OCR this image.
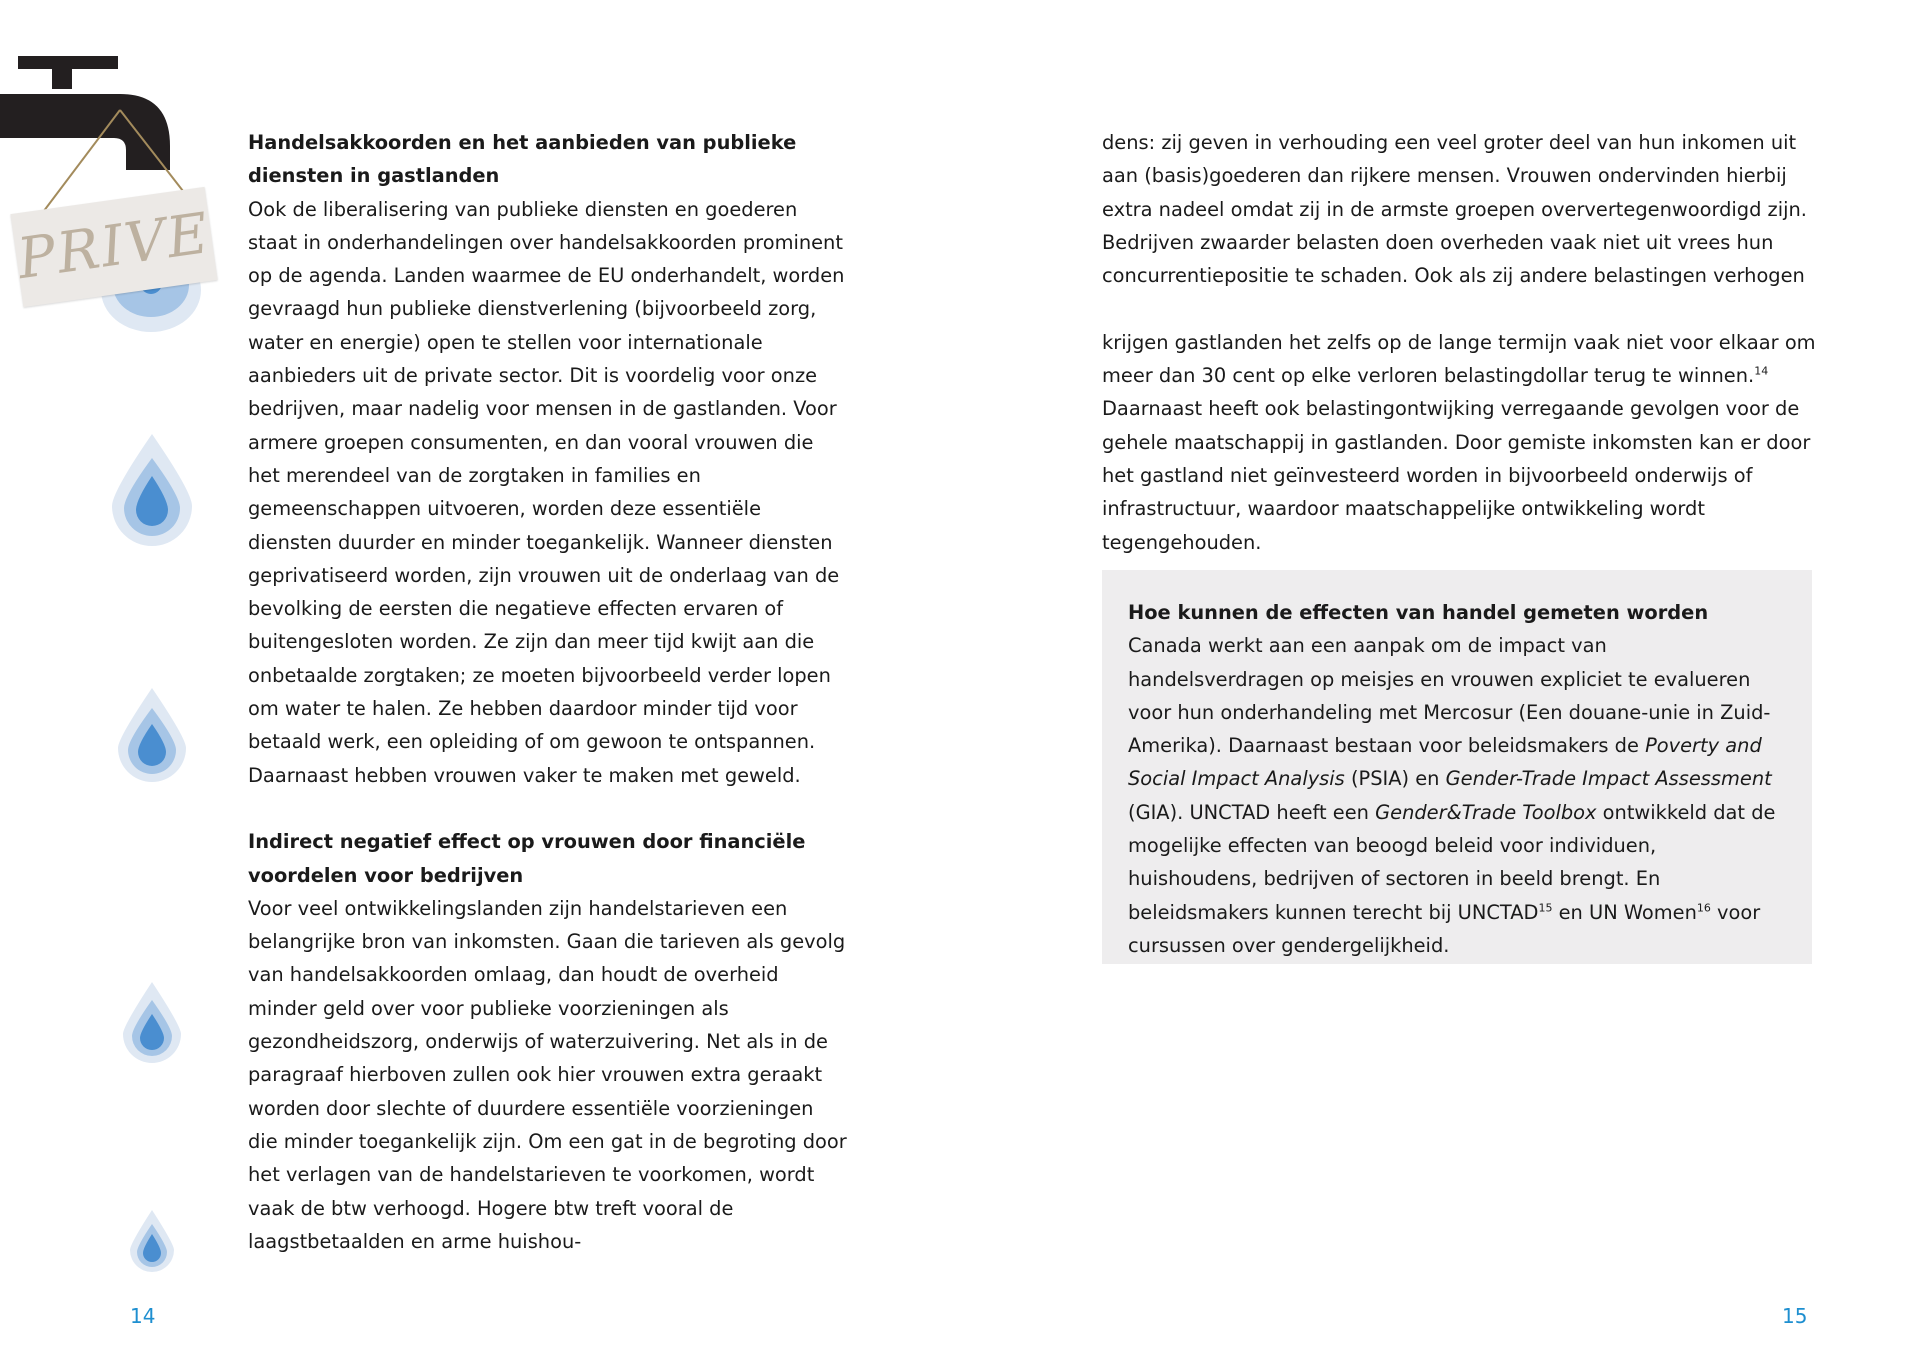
PRIVE
Handelsakkoorden en het aanbieden van publieke diensten in gastlanden

Ook de liberalisering van publieke diensten en goederen staat in onderhandelingen over handelsakkoorden prominent op de agenda. Landen waarmee de EU onderhandelt, worden gevraagd hun publieke dienstverlening (bijvoorbeeld zorg, water en energie) open te stellen voor internationale aanbieders uit de private sector. Dit is voordelig voor onze bedrijven, maar nadelig voor mensen in de gastlanden. Voor armere groepen consumenten, en dan vooral vrouwen die het merendeel van de zorgtaken in families en gemeenschappen uitvoeren, worden deze essentiële diensten duurder en minder toegankelijk. Wanneer diensten geprivatiseerd worden, zijn vrouwen uit de onderlaag van de bevolking de eersten die negatieve effecten ervaren of buitengesloten worden. Ze zijn dan meer tijd kwijt aan die onbetaalde zorgtaken; ze moeten bijvoorbeeld verder lopen om water te halen. Ze hebben daardoor minder tijd voor betaald werk, een opleiding of om gewoon te ontspannen. Daarnaast hebben vrouwen vaker te maken met geweld.

Indirect negatief effect op vrouwen door financiële voordelen voor bedrijven

Voor veel ontwikkelingslanden zijn handelstarieven een belangrijke bron van inkomsten. Gaan die tarieven als gevolg van handelsakkoorden omlaag, dan houdt de overheid minder geld over voor publieke voorzieningen als gezondheidszorg, onderwijs of waterzuivering. Net als in de paragraaf hierboven zullen ook hier vrouwen extra geraakt worden door slechte of duurdere essentiële voorzieningen die minder toegankelijk zijn. Om een gat in de begroting door het verlagen van de handelstarieven te voorkomen, wordt vaak de btw verhoogd. Hogere btw treft vooral de laagstbetaalden en arme huishou-

dens: zij geven in verhouding een veel groter deel van hun inkomen uit aan (basis)goederen dan rijkere mensen. Vrouwen ondervinden hierbij extra nadeel omdat zij in de armste groepen oververtegenwoordigd zijn. Bedrijven zwaarder belasten doen overheden vaak niet uit vrees hun concurrentiepositie te schaden. Ook als zij andere belastingen verhogen

krijgen gastlanden het zelfs op de lange termijn vaak niet voor elkaar om meer dan 30 cent op elke verloren belastingdollar terug te winnen.$^{14}$ Daarnaast heeft ook belastingontwijking verregaande gevolgen voor de gehele maatschappij in gastlanden. Door gemiste inkomsten kan er door het gastland niet geïnvesteerd worden in bijvoorbeeld onderwijs of infrastructuur, waardoor maatschappelijke ontwikkeling wordt tegengehouden.

Hoe kunnen de effecten van handel gemeten worden

Canada werkt aan een aanpak om de impact van handelsverdragen op meisjes en vrouwen expliciet te evalueren voor hun onderhandeling met Mercosur (Een douane-unie in Zuid-Amerika). Daarnaast bestaan voor beleidsmakers de Poverty and Social Impact Analysis (PSIA) en Gender-Trade Impact Assessment (GIA). UNCTAD heeft een Gender&Trade Toolbox ontwikkeld dat de mogelijke effecten van beoogd beleid voor individuen, huishoudens, bedrijven of sectoren in beeld brengt. En beleidsmakers kunnen terecht bij UNCTAD$^{15}$ en UN Women$^{16}$ voor cursussen over gendergelijkheid.

14	15
